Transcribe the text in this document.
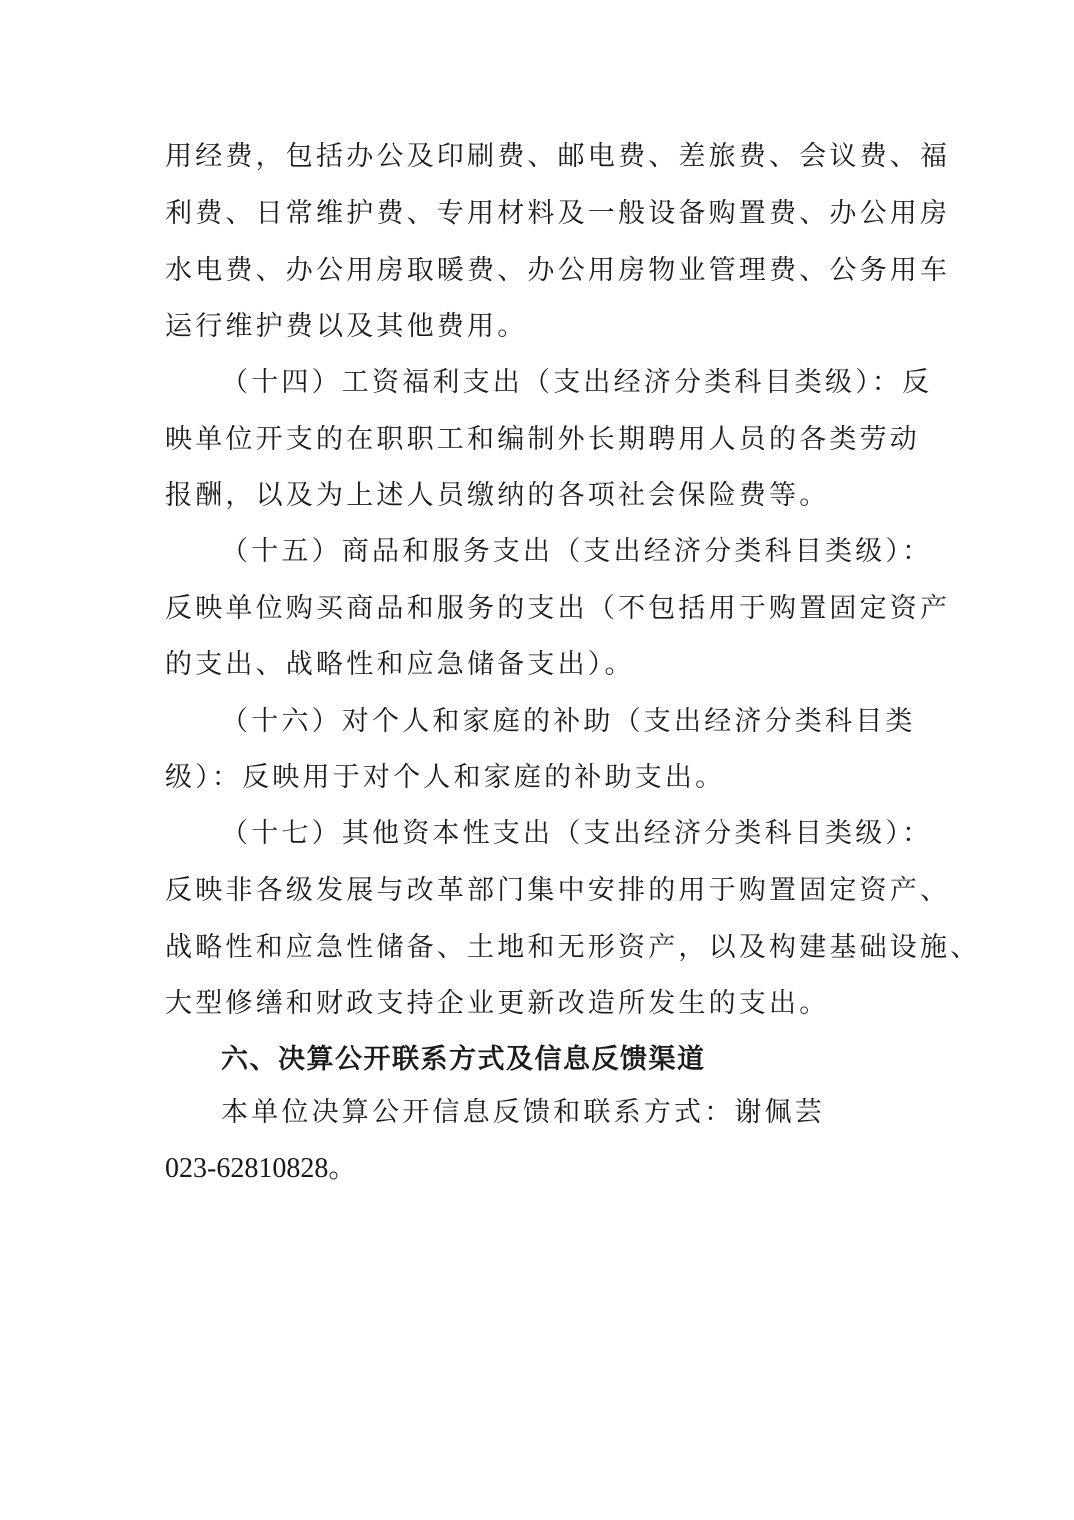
用经费，包括办公及印刷费、邮电费、差旅费、会议费、福
利费、日常维护费、专用材料及一般设备购置费、办公用房
水电费、办公用房取暖费、办公用房物业管理费、公务用车
运行维护费以及其他费用。
（十四）工资福利支出（支出经济分类科目类级）：反
映单位开支的在职职工和编制外长期聘用人员的各类劳动
报酬，以及为上述人员缴纳的各项社会保险费等。
（十五）商品和服务支出（支出经济分类科目类级）：
反映单位购买商品和服务的支出（不包括用于购置固定资产
的支出、战略性和应急储备支出）。
（十六）对个人和家庭的补助（支出经济分类科目类
级）：反映用于对个人和家庭的补助支出。
（十七）其他资本性支出（支出经济分类科目类级）：
反映非各级发展与改革部门集中安排的用于购置固定资产、
战略性和应急性储备、土地和无形资产，以及构建基础设施、
大型修缮和财政支持企业更新改造所发生的支出。
六、决算公开联系方式及信息反馈渠道
本单位决算公开信息反馈和联系方式：谢佩芸
023-62810828。
